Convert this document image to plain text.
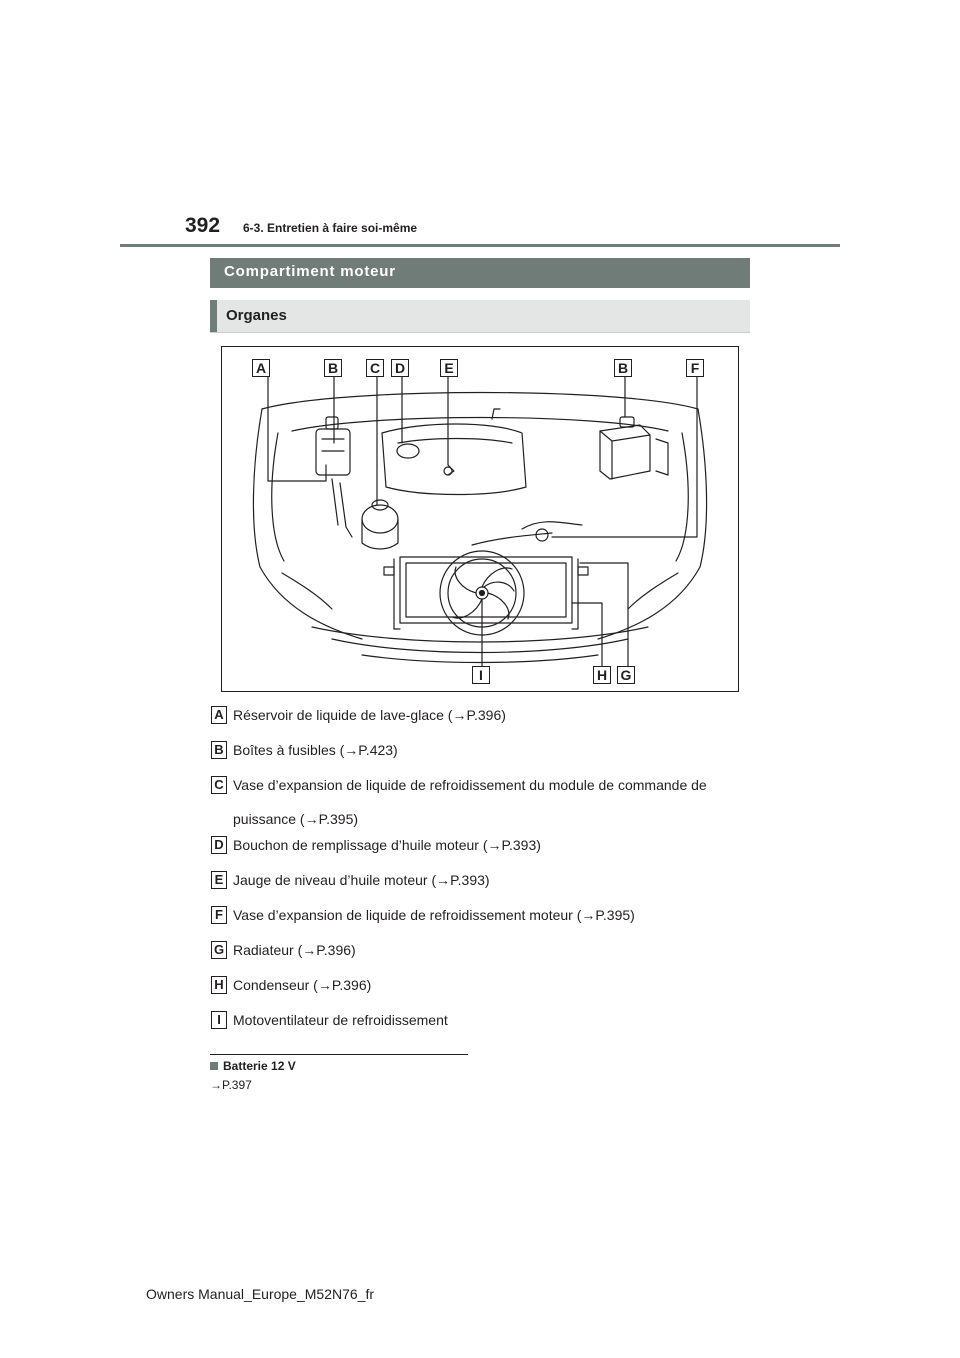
392 6-3. Entretien à faire soi-même
Compartiment moteur
Organes
A	B C D	E	B	F
I	H G
A Réservoir de liquide de lave-glace (→P.396)
B Boîtes à fusibles (→P.423)
C Vase d’expansion de liquide de refroidissement du module de commande de
puissance (→P.395)
D Bouchon de remplissage d’huile moteur (→P.393)
E Jauge de niveau d’huile moteur (→P.393)
F Vase d’expansion de liquide de refroidissement moteur (→P.395)
G Radiateur (→P.396)
H Condenseur (→P.396)
I Motoventilateur de refroidissement
Batterie 12 V
→P.397
Owners Manual_Europe_M52N76_fr
